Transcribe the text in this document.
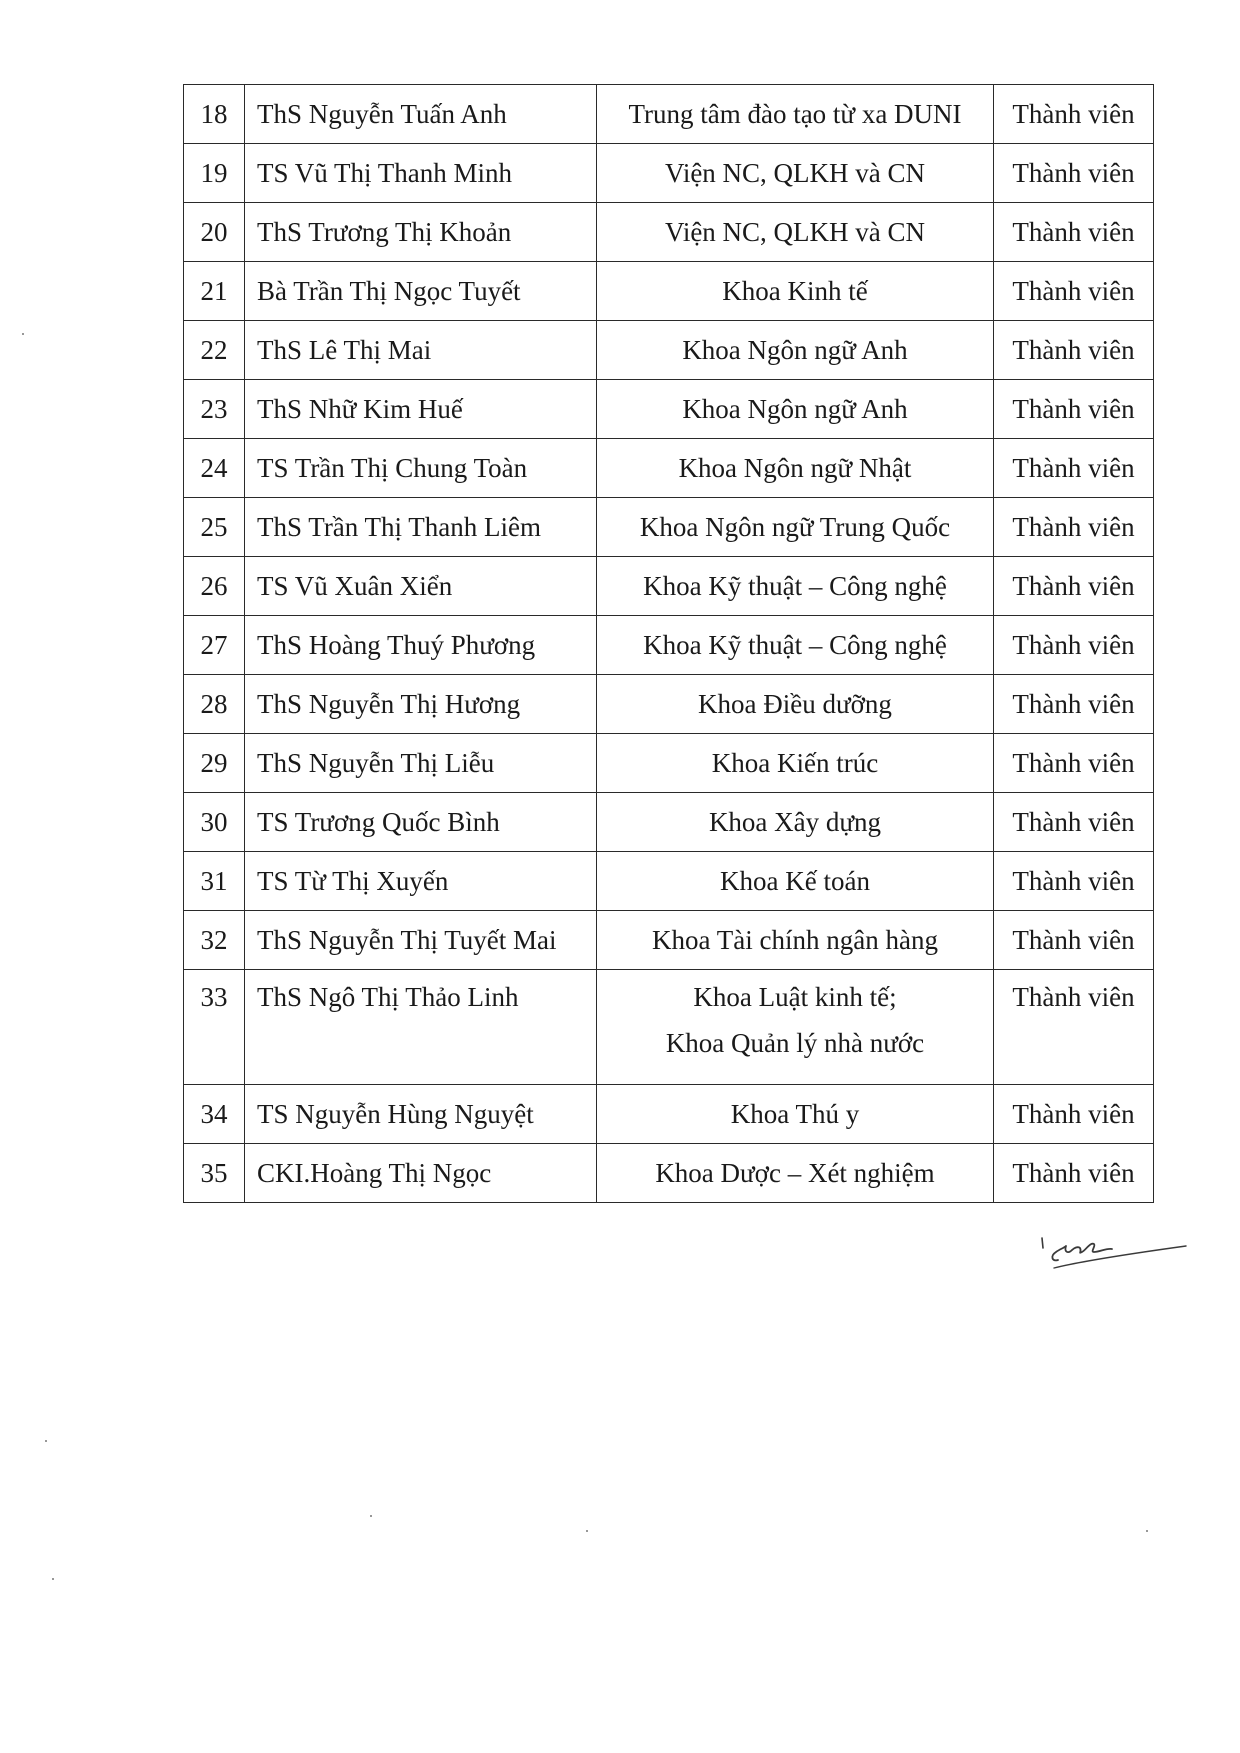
18	ThS Nguyễn Tuấn Anh	Trung tâm đào tạo từ xa DUNI	Thành viên
19	TS Vũ Thị Thanh Minh	Viện NC, QLKH và CN	Thành viên
20	ThS Trương Thị Khoản	Viện NC, QLKH và CN	Thành viên
21	Bà Trần Thị Ngọc Tuyết	Khoa Kinh tế	Thành viên
22	ThS Lê Thị Mai	Khoa Ngôn ngữ Anh	Thành viên
23	ThS Nhữ Kim Huế	Khoa Ngôn ngữ Anh	Thành viên
24	TS Trần Thị Chung Toàn	Khoa Ngôn ngữ Nhật	Thành viên
25	ThS Trần Thị Thanh Liêm	Khoa Ngôn ngữ Trung Quốc	Thành viên
26	TS Vũ Xuân Xiển	Khoa Kỹ thuật – Công nghệ	Thành viên
27	ThS Hoàng Thuý Phương	Khoa Kỹ thuật – Công nghệ	Thành viên
28	ThS Nguyễn Thị Hương	Khoa Điều dưỡng	Thành viên
29	ThS Nguyễn Thị Liễu	Khoa Kiến trúc	Thành viên
30	TS Trương Quốc Bình	Khoa Xây dựng	Thành viên
31	TS Từ Thị Xuyến	Khoa Kế toán	Thành viên
32	ThS Nguyễn Thị Tuyết Mai	Khoa Tài chính ngân hàng	Thành viên
33	ThS Ngô Thị Thảo Linh	Khoa Luật kinh tế;
Khoa Quản lý nhà nước	Thành viên
34	TS Nguyễn Hùng Nguyệt	Khoa Thú y	Thành viên
35	CKI.Hoàng Thị Ngọc	Khoa Dược – Xét nghiệm	Thành viên
